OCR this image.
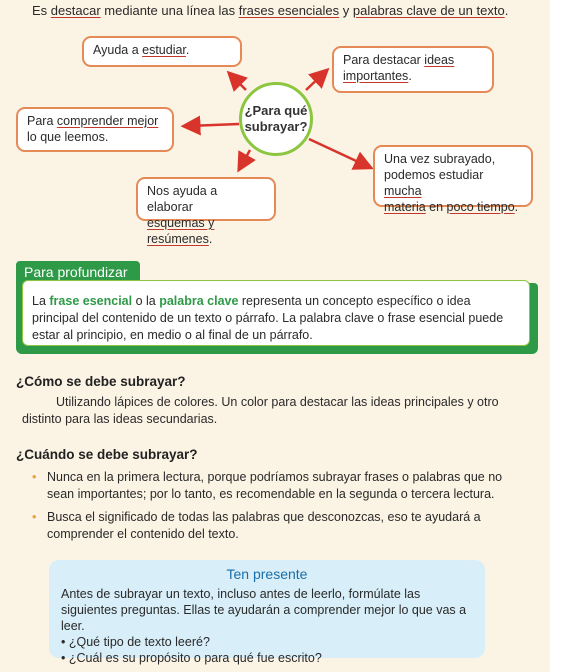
Es destacar mediante una línea las frases esenciales y palabras clave de un texto.
¿Para qué
subrayar?
Ayuda a estudiar.
Para destacar ideas
importantes.
Para comprender mejor
lo que leemos.
Nos ayuda a elaborar
esquemas y resúmenes.
Una vez subrayado,
podemos estudiar mucha
materia en poco tiempo.
Para profundizar
La frase esencial o la palabra clave representa un concepto específico o idea principal del contenido de un texto o párrafo. La palabra clave o frase esencial puede estar al principio, en medio o al final de un párrafo.
¿Cómo se debe subrayar?
Utilizando lápices de colores. Un color para destacar las ideas principales y otro distinto para las ideas secundarias.
¿Cuándo se debe subrayar?
• Nunca en la primera lectura, porque podríamos subrayar frases o palabras que no sean importantes; por lo tanto, es recomendable en la segunda o tercera lectura.
• Busca el significado de todas las palabras que desconozcas, eso te ayudará a comprender el contenido del texto.
Ten presente
Antes de subrayar un texto, incluso antes de leerlo, formúlate las siguientes preguntas. Ellas te ayudarán a comprender mejor lo que vas a leer.
• ¿Qué tipo de texto leeré?
• ¿Cuál es su propósito o para qué fue escrito?
